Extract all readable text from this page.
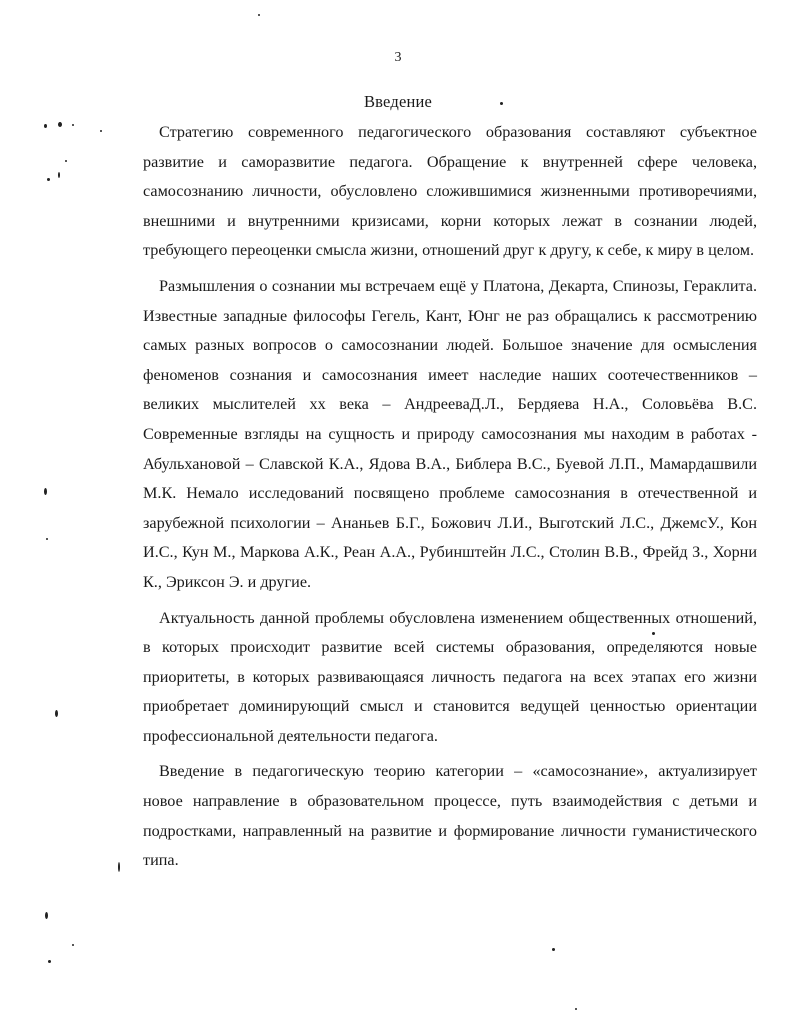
3
Введение

Стратегию современного педагогического образования составляют субъектное развитие и саморазвитие педагога. Обращение к внутренней сфере человека, самосознанию личности, обусловлено сложившимися жизненными противоречиями, внешними и внутренними кризисами, корни которых лежат в сознании людей, требующего переоценки смысла жизни, отношений друг к другу, к себе, к миру в целом.

Размышления о сознании мы встречаем ещё у Платона, Декарта, Спинозы, Гераклита. Известные западные философы Гегель, Кант, Юнг не раз обращались к рассмотрению самых разных вопросов о самосознании людей. Большое значение для осмысления феноменов сознания и самосознания имеет наследие наших соотечественников – великих мыслителей хх века – АндрееваД.Л., Бердяева Н.А., Соловьёва В.С. Современные взгляды на сущность и природу самосознания мы находим в работах - Абульхановой – Славской К.А., Ядова В.А., Библера В.С., Буевой Л.П., Мамардашвили М.К. Немало исследований посвящено проблеме самосознания в отечественной и зарубежной психологии – Ананьев Б.Г., Божович Л.И., Выготский Л.С., ДжемсУ., Кон И.С., Кун М., Маркова А.К., Реан А.А., Рубинштейн Л.С., Столин В.В., Фрейд З., Хорни К., Эриксон Э. и другие.

Актуальность данной проблемы обусловлена изменением общественных отношений, в которых происходит развитие всей системы образования, определяются новые приоритеты, в которых развивающаяся личность педагога на всех этапах его жизни приобретает доминирующий смысл и становится ведущей ценностью ориентации профессиональной деятельности педагога.

Введение в педагогическую теорию категории – «самосознание», актуализирует новое направление в образовательном процессе, путь взаимодействия с детьми и подростками, направленный на развитие и формирование личности гуманистического типа.
